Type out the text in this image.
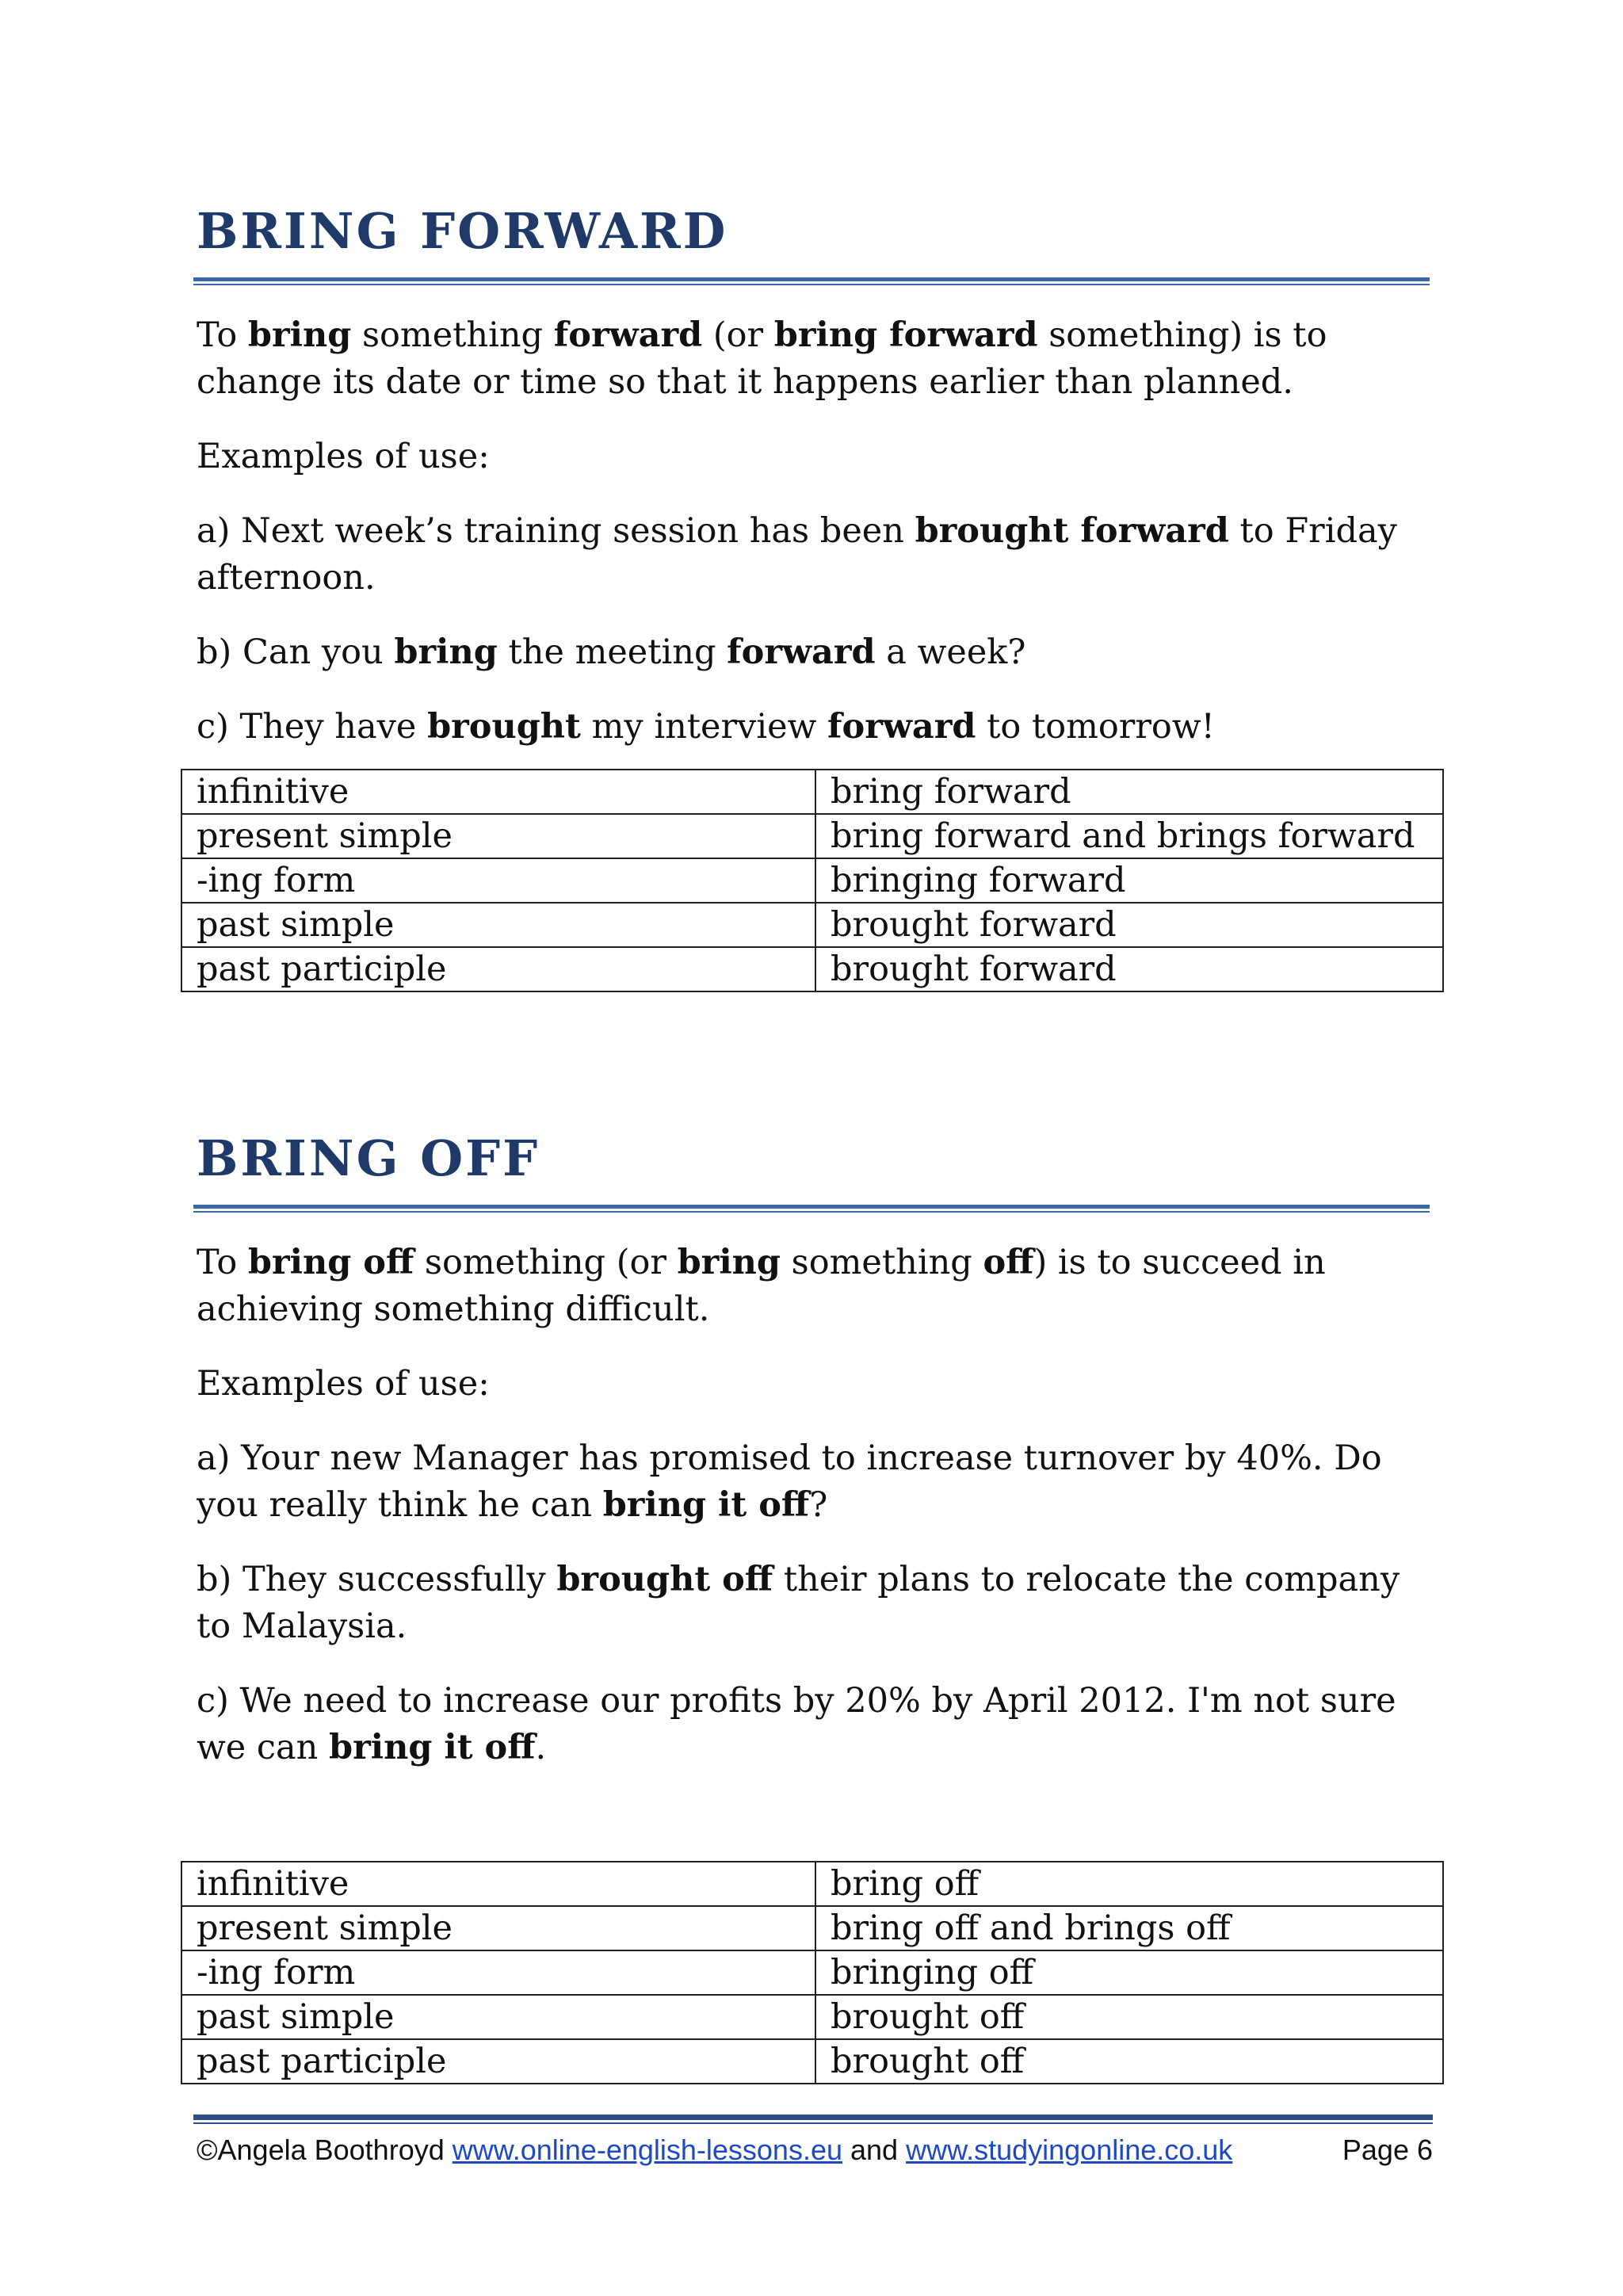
BRING FORWARD

To bring something forward (or bring forward something) is to change its date or time so that it happens earlier than planned.

Examples of use:

a) Next week’s training session has been brought forward to Friday afternoon.

b) Can you bring the meeting forward a week?

c) They have brought my interview forward to tomorrow!

infinitive	bring forward
present simple	bring forward and brings forward
-ing form	bringing forward
past simple	brought forward
past participle	brought forward
BRING OFF

To bring off something (or bring something off) is to succeed in achieving something difficult.

Examples of use:

a) Your new Manager has promised to increase turnover by 40%. Do you really think he can bring it off?

b) They successfully brought off their plans to relocate the company to Malaysia.

c) We need to increase our profits by 20% by April 2012. I'm not sure we can bring it off.

infinitive	bring off
present simple	bring off and brings off
-ing form	bringing off
past simple	brought off
past participle	brought off
©Angela Boothroyd www.online-english-lessons.eu and www.studyingonline.co.uk	Page 6
